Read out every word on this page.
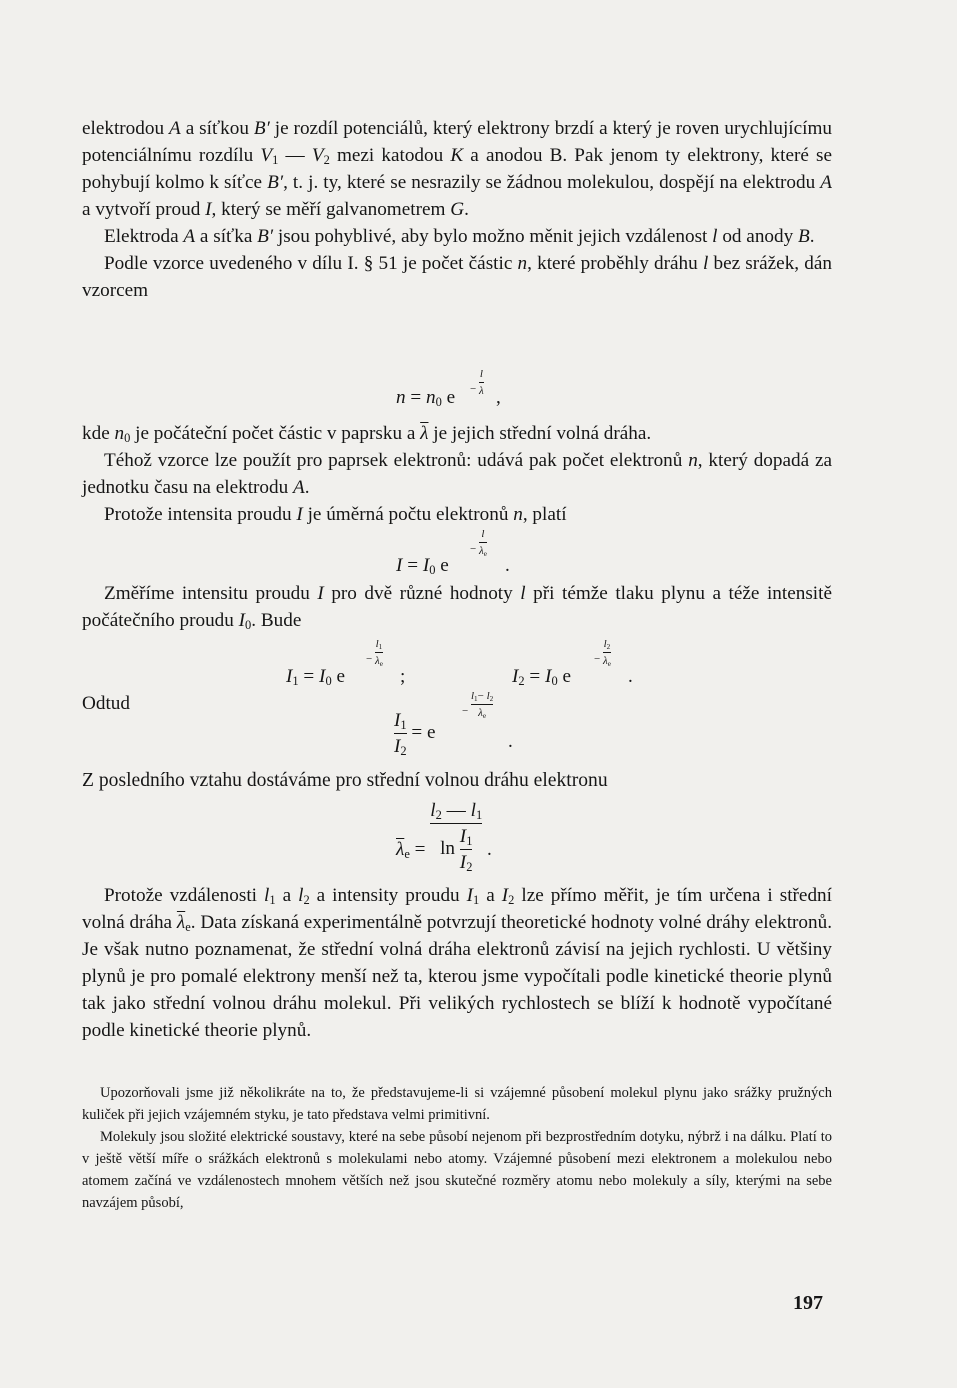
elektrodou A a síťkou B′ je rozdíl potenciálů, který elektrony brzdí a který je roven urychlujícímu potenciálnímu rozdílu $V_1$ — $V_2$ mezi katodou K a anodou B. Pak jenom ty elektrony, které se pohybují kolmo k síťce B′, t. j. ty, které se nesrazily se žádnou molekulou, dospějí na elektrodu A a vytvoří proud I, který se měří galvanometrem G.

Elektroda A a síťka B′ jsou pohyblivé, aby bylo možno měnit jejich vzdálenost l od anody B.

Podle vzorce uvedeného v dílu I. § 51 je počet částic n, které proběhly dráhu l bez srážek, dán vzorcem

$n = n_0$ $e - \frac{l}{\lambda}$
,

kde $n_0$ je počáteční počet částic v paprsku a $\overline{\lambda}$ je jejich střední volná dráha.

Téhož vzorce lze použít pro paprsek elektronů: udává pak počet elektronů n, který dopadá za jednotku času na elektrodu A.

Protože intensita proudu I je úměrná počtu elektronů n, platí

$I = I_0$ e
− $\frac{l}{\lambda_e}$
.

Změříme intensitu proudu I pro dvě různé hodnoty l při témže tlaku plynu a téže intensitě počátečního proudu $I_0$. Bude

$I_1 = I_0$ e
− $\frac{l_1}{\lambda_e}$
;	$I_2 = I_0$ e
− $\frac{l_2}{\lambda_e}$
.
Odtud
$\frac{I_1}{I_2} = e$
− $\frac{l_1- l_2}{\lambda_e}$
.

Z posledního vztahu dostáváme pro střední volnou dráhu elektronu

$\overline{\lambda}_e = \frac{l_2 — l_1}{\ln \frac{I_1}{I_2}}$ .

Protože vzdálenosti $l_1$ a $l_2$ a intensity proudu $I_1$ a $I_2$ lze přímo měřit, je tím určena i střední volná dráha $\overline{\lambda}_e$. Data získaná experimentálně potvrzují theoretické hodnoty volné dráhy elektronů. Je však nutno poznamenat, že střední volná dráha elektronů závisí na jejich rychlosti. U většiny plynů je pro pomalé elektrony menší než ta, kterou jsme vypočítali podle kinetické theorie plynů tak jako střední volnou dráhu molekul. Při velikých rychlostech se blíží k hodnotě vypočítané podle kinetické theorie plynů.

Upozorňovali jsme již několikráte na to, že představujeme-li si vzájemné působení molekul plynu jako srážky pružných kuliček při jejich vzájemném styku, je tato představa velmi primitivní.

Molekuly jsou složité elektrické soustavy, které na sebe působí nejenom při bezprostředním dotyku, nýbrž i na dálku. Platí to v ještě větší míře o srážkách elektronů s molekulami nebo atomy. Vzájemné působení mezi elektronem a molekulou nebo atomem začíná ve vzdálenostech mnohem větších než jsou skutečné rozměry atomu nebo molekuly a síly, kterými na sebe navzájem působí,

197
